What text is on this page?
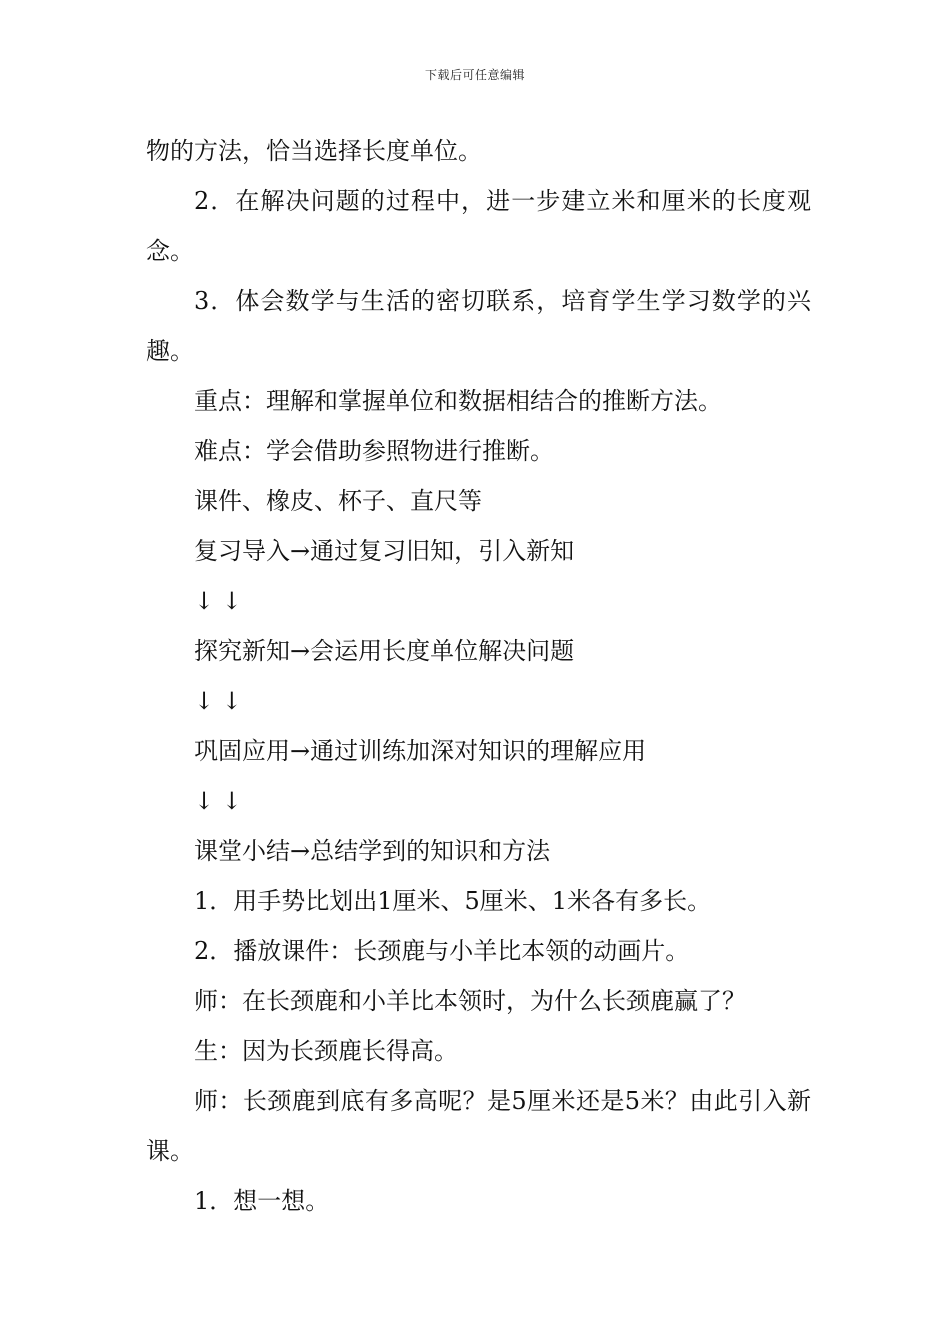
下载后可任意编辑

物的方法，恰当选择长度单位。

2．在解决问题的过程中，进一步建立米和厘米的长度观念。

3．体会数学与生活的密切联系，培育学生学习数学的兴趣。

重点：理解和掌握单位和数据相结合的推断方法。

难点：学会借助参照物进行推断。

课件、橡皮、杯子、直尺等

复习导入→通过复习旧知，引入新知

↓ ↓

探究新知→会运用长度单位解决问题

↓ ↓

巩固应用→通过训练加深对知识的理解应用

↓ ↓

课堂小结→总结学到的知识和方法

1．用手势比划出1厘米、5厘米、1米各有多长。

2．播放课件：长颈鹿与小羊比本领的动画片。

师：在长颈鹿和小羊比本领时，为什么长颈鹿赢了？

生：因为长颈鹿长得高。

师：长颈鹿到底有多高呢？是5厘米还是5米？由此引入新课。

1．想一想。
